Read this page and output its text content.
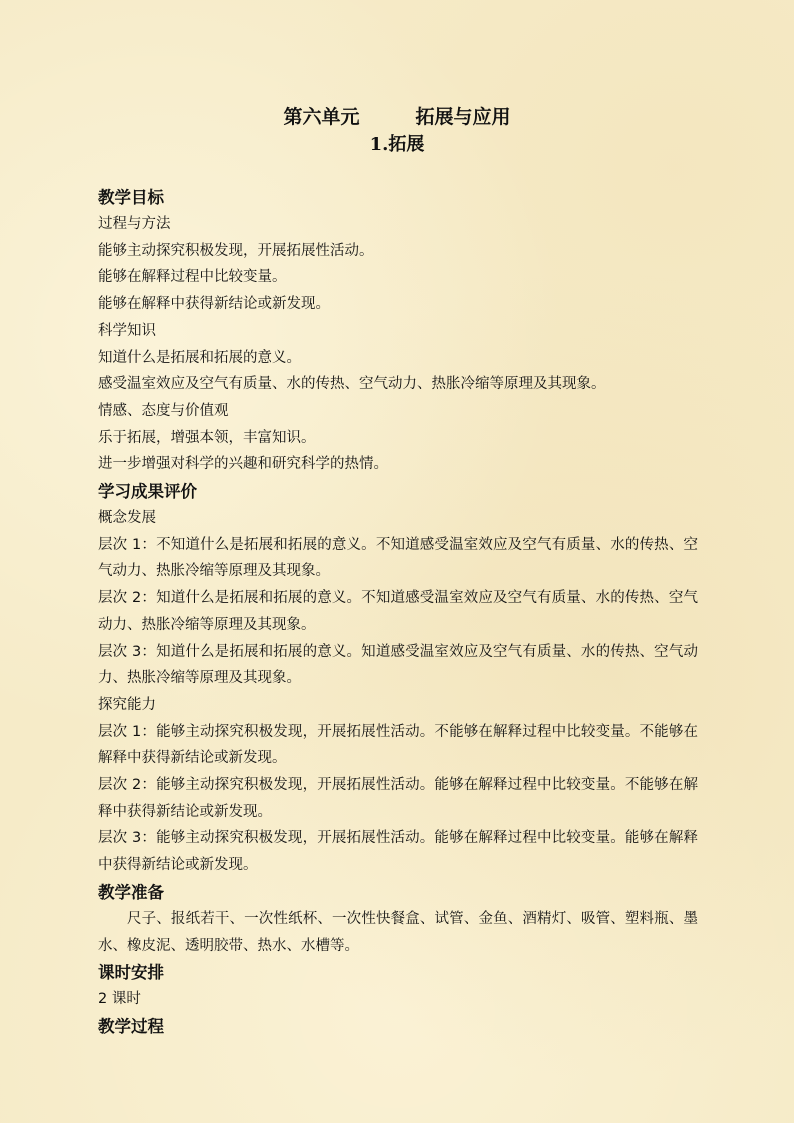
第六单元	拓展与应用
1.拓展
教学目标
过程与方法
能够主动探究积极发现，开展拓展性活动。
能够在解释过程中比较变量。
能够在解释中获得新结论或新发现。
科学知识
知道什么是拓展和拓展的意义。
感受温室效应及空气有质量、水的传热、空气动力、热胀冷缩等原理及其现象。
情感、态度与价值观
乐于拓展，增强本领，丰富知识。
进一步增强对科学的兴趣和研究科学的热情。
学习成果评价
概念发展
层次 1：不知道什么是拓展和拓展的意义。不知道感受温室效应及空气有质量、水的传热、空气动力、热胀冷缩等原理及其现象。
层次 2：知道什么是拓展和拓展的意义。不知道感受温室效应及空气有质量、水的传热、空气动力、热胀冷缩等原理及其现象。
层次 3：知道什么是拓展和拓展的意义。知道感受温室效应及空气有质量、水的传热、空气动力、热胀冷缩等原理及其现象。
探究能力
层次 1：能够主动探究积极发现，开展拓展性活动。不能够在解释过程中比较变量。不能够在解释中获得新结论或新发现。
层次 2：能够主动探究积极发现，开展拓展性活动。能够在解释过程中比较变量。不能够在解释中获得新结论或新发现。
层次 3：能够主动探究积极发现，开展拓展性活动。能够在解释过程中比较变量。能够在解释中获得新结论或新发现。
教学准备
尺子、报纸若干、一次性纸杯、一次性快餐盒、试管、金鱼、酒精灯、吸管、塑料瓶、墨水、橡皮泥、透明胶带、热水、水槽等。
课时安排
2 课时
教学过程
